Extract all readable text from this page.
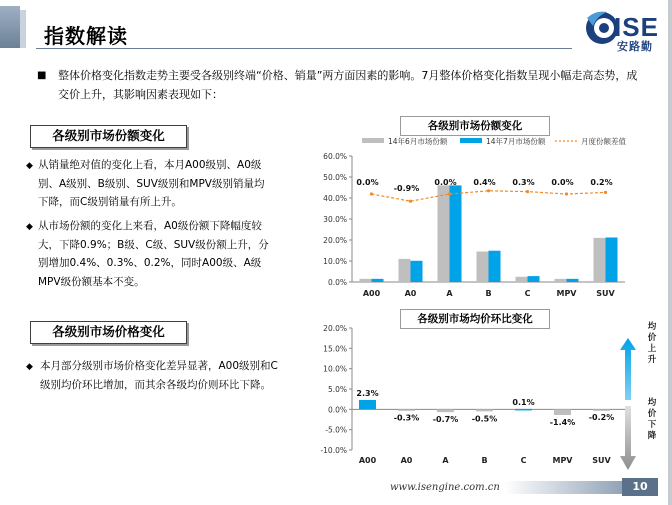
指数解读	ISE
安路勤
■ 整体价格变化指数走势主要受各级别终端“价格、销量”两方面因素的影响。7月整体价格变化指数呈现小幅走高态势，成交价上升，其影响因素表现如下：
各级别市场份额变化
◆ 从销量绝对值的变化上看，本月A00级别、A0级别、A级别、B级别、SUV级别和MPV级别销量均下降，而C级别销量有所上升。

◆ 从市场份额的变化上来看，A0级份额下降幅度较大，下降0.9%；B级、C级、SUV级份额上升，分别增加0.4%、0.3%、0.2%，同时A00级、A级MPV级份额基本不变。

各级别市场价格变化
◆ 本月部分级别市场价格变化差异显著，A00级别和C级别均价环比增加，而其余各级均价则环比下降。

各级别市场份额变化
各级别市场均价环比变化
14年6月市场份额	14年7月市场份额	月度份额差值
0.0%
10.0%
20.0%
30.0%
40.0%
50.0%
60.0%
A00
0.0%
A0
-0.9%
A
0.0%
B
0.4%
C
0.3%
MPV
0.0%
SUV
0.2%
-10.0%
-5.0%
0.0%
5.0%
10.0%
15.0%
20.0%
2.3%
A00
-0.3%
A0
-0.7%
A
-0.5%
B
0.1%
C
-1.4%
MPV
-0.2%
SUV
均价上升
均价下降
www.isengine.com.cn	10
